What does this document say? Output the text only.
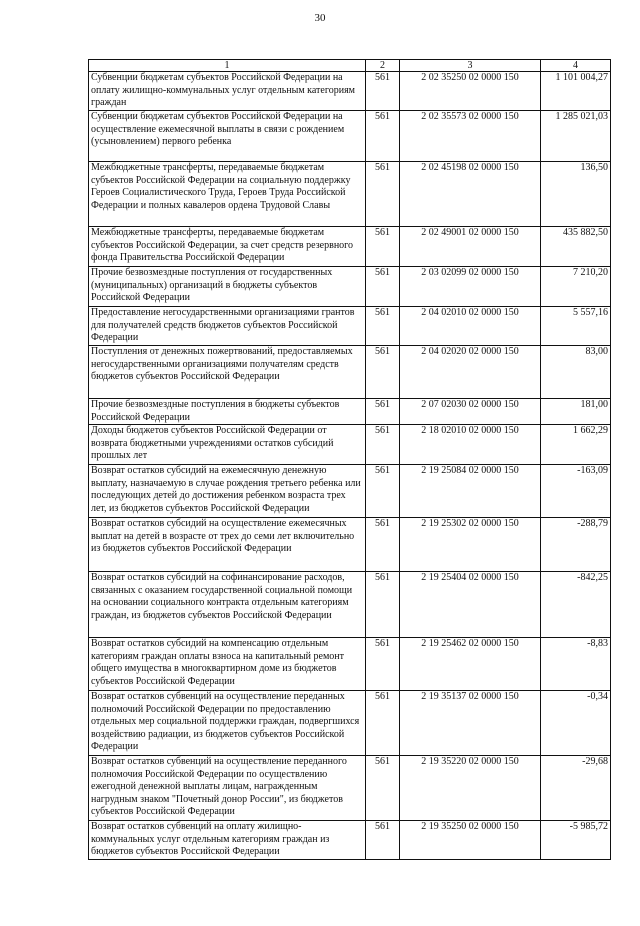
30
1	2	3	4
Субвенции бюджетам субъектов Российской Федерации на оплату жилищно-коммунальных услуг отдельным категориям граждан	561	2 02 35250 02 0000 150	1 101 004,27
Субвенции бюджетам субъектов Российской Федерации на осуществление ежемесячной выплаты в связи с рождением (усыновлением) первого ребенка	561	2 02 35573 02 0000 150	1 285 021,03
Межбюджетные трансферты, передаваемые бюджетам субъектов Российской Федерации на социальную поддержку Героев Социалистического Труда, Героев Труда Российской Федерации и полных кавалеров ордена Трудовой Славы	561	2 02 45198 02 0000 150	136,50
Межбюджетные трансферты, передаваемые бюджетам субъектов Российской Федерации, за счет средств резервного фонда Правительства Российской Федерации	561	2 02 49001 02 0000 150	435 882,50
Прочие безвозмездные поступления от государственных (муниципальных) организаций в бюджеты субъектов Российской Федерации	561	2 03 02099 02 0000 150	7 210,20
Предоставление негосударственными организациями грантов для получателей средств бюджетов субъектов Российской Федерации	561	2 04 02010 02 0000 150	5 557,16
Поступления от денежных пожертвований, предоставляемых негосударственными организациями получателям средств бюджетов субъектов Российской Федерации	561	2 04 02020 02 0000 150	83,00
Прочие безвозмездные поступления в бюджеты субъектов Российской Федерации	561	2 07 02030 02 0000 150	181,00
Доходы бюджетов субъектов Российской Федерации от возврата бюджетными учреждениями остатков субсидий прошлых лет	561	2 18 02010 02 0000 150	1 662,29
Возврат остатков субсидий на ежемесячную денежную выплату, назначаемую в случае рождения третьего ребенка или последующих детей до достижения ребенком возраста трех лет, из бюджетов субъектов Российской Федерации	561	2 19 25084 02 0000 150	-163,09
Возврат остатков субсидий на осуществление ежемесячных выплат на детей в возрасте от трех до семи лет включительно из бюджетов субъектов Российской Федерации	561	2 19 25302 02 0000 150	-288,79
Возврат остатков субсидий на софинансирование расходов, связанных с оказанием государственной социальной помощи на основании социального контракта отдельным категориям граждан, из бюджетов субъектов Российской Федерации	561	2 19 25404 02 0000 150	-842,25
Возврат остатков субсидий на компенсацию отдельным категориям граждан оплаты взноса на капитальный ремонт общего имущества в многоквартирном доме из бюджетов субъектов Российской Федерации	561	2 19 25462 02 0000 150	-8,83
Возврат остатков субвенций на осуществление переданных полномочий Российской Федерации по предоставлению отдельных мер социальной поддержки граждан, подвергшихся воздействию радиации, из бюджетов субъектов Российской Федерации	561	2 19 35137 02 0000 150	-0,34
Возврат остатков субвенций на осуществление переданного полномочия Российской Федерации по осуществлению ежегодной денежной выплаты лицам, награжденным нагрудным знаком "Почетный донор России", из бюджетов субъектов Российской Федерации	561	2 19 35220 02 0000 150	-29,68
Возврат остатков субвенций на оплату жилищно-коммунальных услуг отдельным категориям граждан из бюджетов субъектов Российской Федерации	561	2 19 35250 02 0000 150	-5 985,72
